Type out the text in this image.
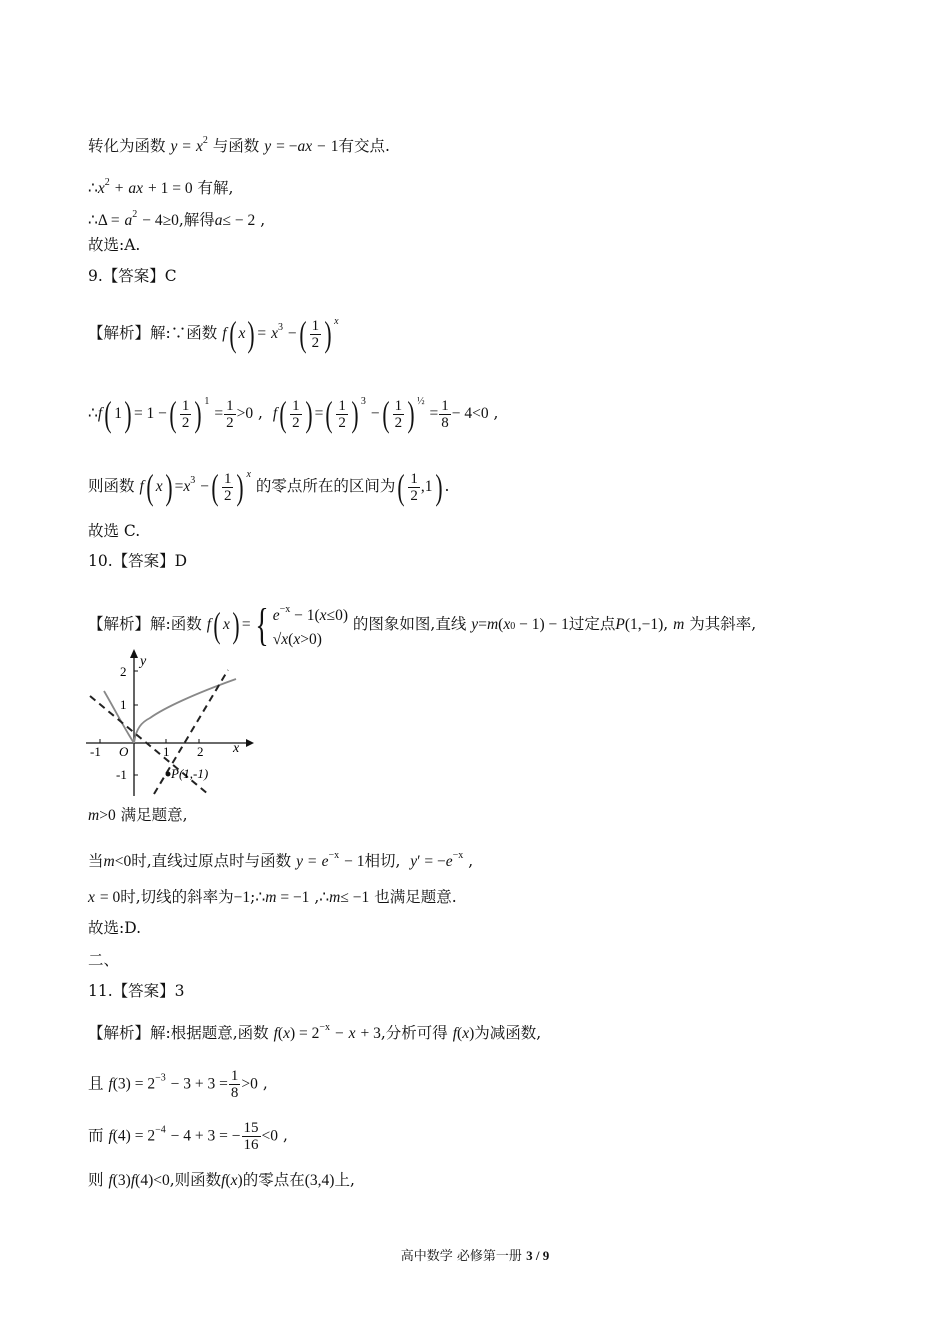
转化为函数 $y = x^2$ 与函数 y = −ax − 1有交点.
$\therefore x^2$ + ax + 1 = 0 有解,
∴Δ = $a^2 - 4\ge 0$,解得a≤ − 2 ,
故选:A.
9.【答案】C
【解析】解:∵函数 f( $x) = x^3$ −( $\frac{1}{2}$ ) $^x$
∴f( 1) = 1 −( $\frac{1}{2}$ ) $^1 = \frac{1}{2} >0$ ,  $f( \frac{1}{2}$ ) =( $\frac{1}{2}$ ) $^3$ −( $\frac{1}{2}$ ) $^{\frac{1}{2}} = \frac{1}{8} - 4<0$ ,
则函数 f( $x) =x^3$ −( $\frac{1}{2}$ ) $^x$ 的零点所在的区间为( $\frac{1}{2} ,1$) .
故选 C.
10.【答案】D
【解析】解:函数 f( x) ={ $e^{-x} - 1(x\le 0)$
√x(x>0)
的图象如图,直线 y=m(x0 − 1) − 1过定点P(1,−1), m 为其斜率,
y
x
2
1
-1
-1 O	1 2
P(1,-1)
m>0 满足题意,
当m<0时,直线过原点时与函数 $y = e^{-x} - 1$相切, $y' = -e^{-x}$ ,
x = 0时,切线的斜率为−1;∴m = −1 ,∴m≤ −1 也满足题意.
故选:D.
二、
11.【答案】3
【解析】解:根据题意,函数 $f(x) = 2^{-x} - x + 3$,分析可得 f(x)为减函数,
且 $f(3) = 2^{-3} - 3 + 3 = \frac{1}{8} >0$ ,
而 $f(4) = 2^{-4} - 4 + 3$ = − $\frac{15}{16} <0$ ,
则 f(3)f(4)<0,则函数f(x)的零点在(3,4)上,
高中数学 必修第一册 3 / 9
